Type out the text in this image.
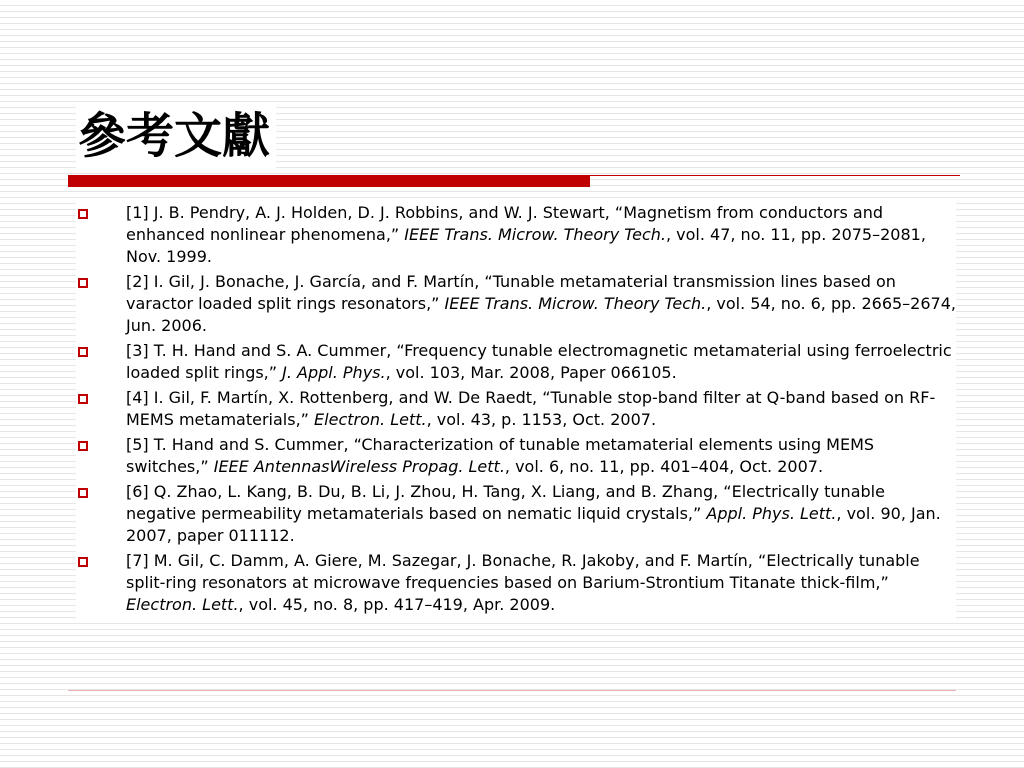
參考文獻
[1] J. B. Pendry, A. J. Holden, D. J. Robbins, and W. J. Stewart, “Magnetism from conductors and enhanced nonlinear phenomena,” IEEE Trans. Microw. Theory Tech., vol. 47, no. 11, pp. 2075–2081, Nov. 1999.
[2] I. Gil, J. Bonache, J. García, and F. Martín, “Tunable metamaterial transmission lines based on varactor loaded split rings resonators,” IEEE Trans. Microw. Theory Tech., vol. 54, no. 6, pp. 2665–2674, Jun. 2006.
[3] T. H. Hand and S. A. Cummer, “Frequency tunable electromagnetic metamaterial using ferroelectric loaded split rings,” J. Appl. Phys., vol. 103, Mar. 2008, Paper 066105.
[4] I. Gil, F. Martín, X. Rottenberg, and W. De Raedt, “Tunable stop-band filter at Q-band based on RF-MEMS metamaterials,” Electron. Lett., vol. 43, p. 1153, Oct. 2007.
[5] T. Hand and S. Cummer, “Characterization of tunable metamaterial elements using MEMS switches,” IEEE AntennasWireless Propag. Lett., vol. 6, no. 11, pp. 401–404, Oct. 2007.
[6] Q. Zhao, L. Kang, B. Du, B. Li, J. Zhou, H. Tang, X. Liang, and B. Zhang, “Electrically tunable negative permeability metamaterials based on nematic liquid crystals,” Appl. Phys. Lett., vol. 90, Jan. 2007, paper 011112.
[7] M. Gil, C. Damm, A. Giere, M. Sazegar, J. Bonache, R. Jakoby, and F. Martín, “Electrically tunable split-ring resonators at microwave frequencies based on Barium-Strontium Titanate thick-film,” Electron. Lett., vol. 45, no. 8, pp. 417–419, Apr. 2009.
